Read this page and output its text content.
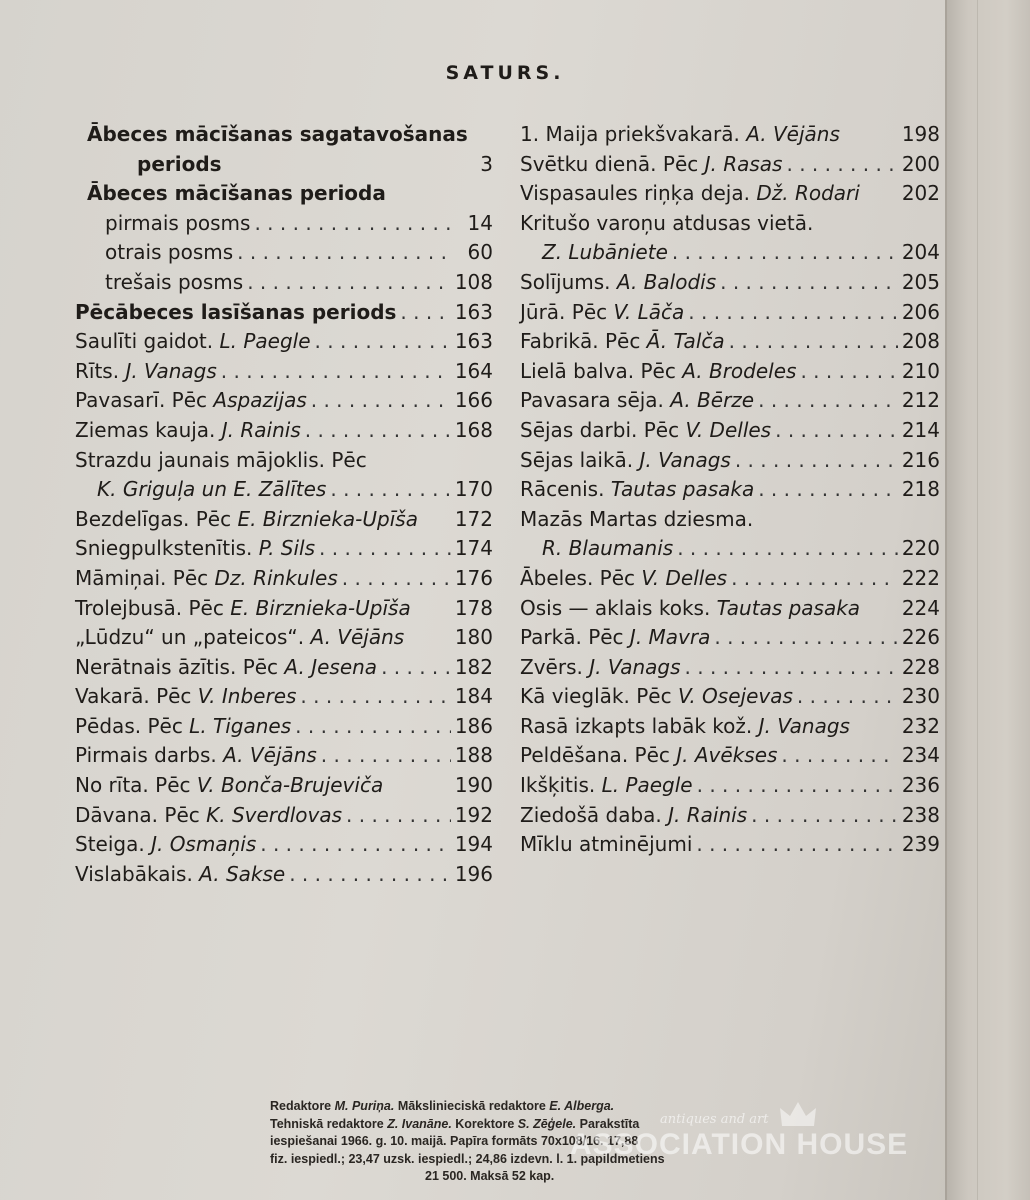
SATURS.
Ābeces mācīšanas sagatavošanas
periods	3
Ābeces mācīšanas perioda
pirmais posms . . .	14
otrais posms . . .	60
trešais posms . . .	108
Pēcābeces lasīšanas periods . . .	163
Saulīti gaidot. L. Paegle . . .	163
Rīts. J. Vanags . . .	164
Pavasarī. Pēc Aspazijas . . .	166
Ziemas kauja. J. Rainis . . .	168
Strazdu jaunais mājoklis. Pēc
K. Griguļa un E. Zālītes . . .	170
Bezdelīgas. Pēc E. Birznieka-Upīša 172
Sniegpulkstenītis. P. Sils . . .	174
Māmiņai. Pēc Dz. Rinkules . . .	176
Trolejbusā. Pēc E. Birznieka-Upīša 178
„Lūdzu“ un „pateicos“. A. Vējāns	180
Nerātnais āzītis. Pēc A. Jesena . . .	182
Vakarā. Pēc V. Inberes . . .	184
Pēdas. Pēc L. Tiganes . . .	186
Pirmais darbs. A. Vējāns . . .	188
No rīta. Pēc V. Bonča-Brujeviča	190
Dāvana. Pēc K. Sverdlovas . . .	192
Steiga. J. Osmaņis . . .	194
Vislabākais. A. Sakse . . .	196
1. Maija priekšvakarā. A. Vējāns	198
Svētku dienā. Pēc J. Rasas . . .	200
Vispasaules riņķa deja. Dž. Rodari 202
Kritušo varoņu atdusas vietā.
Z. Lubāniete . . .	204
Solījums. A. Balodis . . .	205
Jūrā. Pēc V. Lāča . . .	206
Fabrikā. Pēc Ā. Talča . . .	208
Lielā balva. Pēc A. Brodeles . . .	210
Pavasara sēja. A. Bērze . . .	212
Sējas darbi. Pēc V. Delles . . .	214
Sējas laikā. J. Vanags . . .	216
Rācenis. Tautas pasaka . . .	218
Mazās Martas dziesma.
R. Blaumanis . . .	220
Ābeles. Pēc V. Delles . . .	222
Osis — aklais koks. Tautas pasaka 224
Parkā. Pēc J. Mavra . . .	226
Zvērs. J. Vanags . . .	228
Kā vieglāk. Pēc V. Osejevas . . .	230
Rasā izkapts labāk kož. J. Vanags	232
Peldēšana. Pēc J. Avēkses . . .	234
Ikšķitis. L. Paegle . . .	236
Ziedošā daba. J. Rainis . . .	238
Mīklu atminējumi . . .	239
Redaktore M. Puriņa. Mākslinieciskā redaktore E. Alberga.
Tehniskā redaktore Z. Ivanāne. Korektore S. Zēģele. Parakstīta
iespiešanai 1966. g. 10. maijā. Papīra formāts 70x108/16. 17,88
fiz. iespiedl.; 23,47 uzsk. iespiedl.; 24,86 izdevn. l. 1. papildmetiens
21 500. Maksā 52 kap.
antiques and art
ASSOCIATION HOUSE
